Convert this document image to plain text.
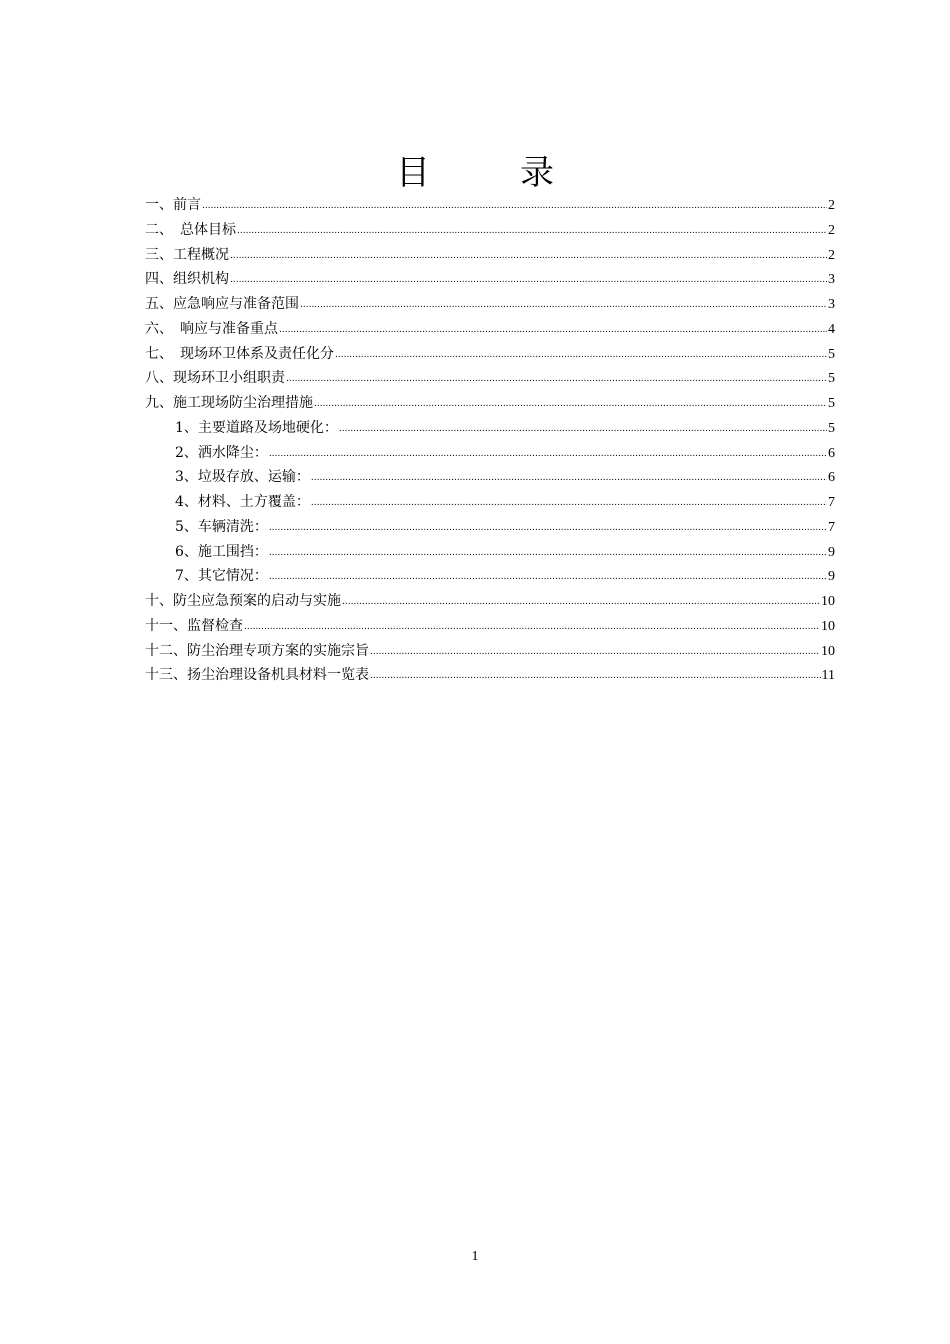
目　录
一、前言 .....	2
二、　总体目标 .....	2
三、工程概况 .....	2
四、组织机构 .....	3
五、应急响应与准备范围 .....	3
六、　响应与准备重点 .....	4
七、　现场环卫体系及责任化分 .....	5
八、现场环卫小组职责 .....	5
九、施工现场防尘治理措施 .....	5
1、主要道路及场地硬化： .....	5
2、洒水降尘： .....	6
3、垃圾存放、运输： .....	6
4、材料、土方覆盖： .....	7
5、车辆清洗： .....	7
6、施工围挡： .....	9
7、其它情况： .....	9
十、防尘应急预案的启动与实施 .....	10
十一、监督检查 .....	10
十二、防尘治理专项方案的实施宗旨 .....	10
十三、扬尘治理设备机具材料一览表 .....	11
1
